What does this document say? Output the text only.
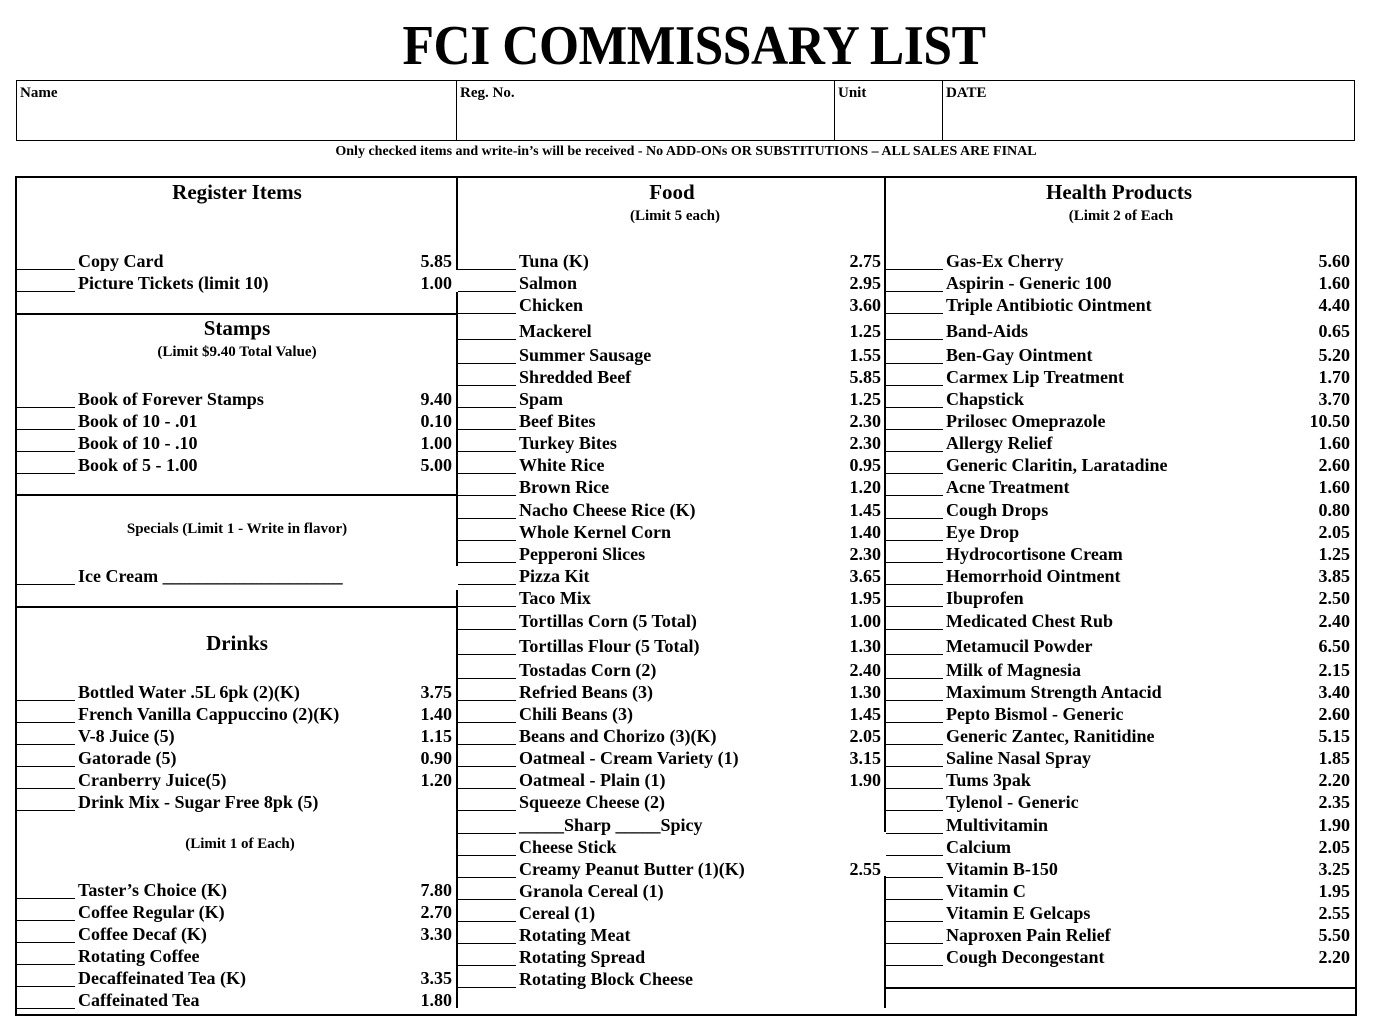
FCI COMMISSARY LIST
Name	Reg. No.	Unit	DATE
Only checked items and write-in’s will be received - No ADD-ONs OR SUBSTITUTIONS – ALL SALES ARE FINAL
Register Items
Stamps
(Limit $9.40 Total Value)
Specials (Limit 1 - Write in flavor)
Drinks
(Limit 1 of Each)
Food
(Limit 5 each)
Health Products
(Limit 2 of Each
Copy Card	5.85
Picture Tickets (limit 10)	1.00
Book of Forever Stamps	9.40
Book of 10 - .01	0.10
Book of 10 - .10	1.00
Book of 5 - 1.00	5.00
Ice Cream ____________________
Bottled Water .5L 6pk (2)(K)	3.75
French Vanilla Cappuccino (2)(K)	1.40
V-8 Juice (5)	1.15
Gatorade (5)	0.90
Cranberry Juice(5)	1.20
Drink Mix - Sugar Free 8pk (5)
Taster’s Choice (K)	7.80
Coffee Regular (K)	2.70
Coffee Decaf (K)	3.30
Rotating Coffee
Decaffeinated Tea (K)	3.35
Caffeinated Tea	1.80
Tuna (K)	2.75
Salmon	2.95
Chicken	3.60
Mackerel	1.25
Summer Sausage	1.55
Shredded Beef	5.85
Spam	1.25
Beef Bites	2.30
Turkey Bites	2.30
White Rice	0.95
Brown Rice	1.20
Nacho Cheese Rice (K)	1.45
Whole Kernel Corn	1.40
Pepperoni Slices	2.30
Pizza Kit	3.65
Taco Mix	1.95
Tortillas Corn (5 Total)	1.00
Tortillas Flour (5 Total)	1.30
Tostadas Corn (2)	2.40
Refried Beans (3)	1.30
Chili Beans (3)	1.45
Beans and Chorizo (3)(K)	2.05
Oatmeal - Cream Variety (1)	3.15
Oatmeal - Plain (1)	1.90
Squeeze Cheese (2)
_____Sharp _____Spicy
Cheese Stick
Creamy Peanut Butter (1)(K)	2.55
Granola Cereal (1)
Cereal (1)
Rotating Meat
Rotating Spread
Rotating Block Cheese
Gas-Ex Cherry	5.60
Aspirin - Generic 100	1.60
Triple Antibiotic Ointment	4.40
Band-Aids	0.65
Ben-Gay Ointment	5.20
Carmex Lip Treatment	1.70
Chapstick	3.70
Prilosec Omeprazole	10.50
Allergy Relief	1.60
Generic Claritin, Laratadine	2.60
Acne Treatment	1.60
Cough Drops	0.80
Eye Drop	2.05
Hydrocortisone Cream	1.25
Hemorrhoid Ointment	3.85
Ibuprofen	2.50
Medicated Chest Rub	2.40
Metamucil Powder	6.50
Milk of Magnesia	2.15
Maximum Strength Antacid	3.40
Pepto Bismol - Generic	2.60
Generic Zantec, Ranitidine	5.15
Saline Nasal Spray	1.85
Tums 3pak	2.20
Tylenol - Generic	2.35
Multivitamin	1.90
Calcium	2.05
Vitamin B-150	3.25
Vitamin C	1.95
Vitamin E Gelcaps	2.55
Naproxen Pain Relief	5.50
Cough Decongestant	2.20
